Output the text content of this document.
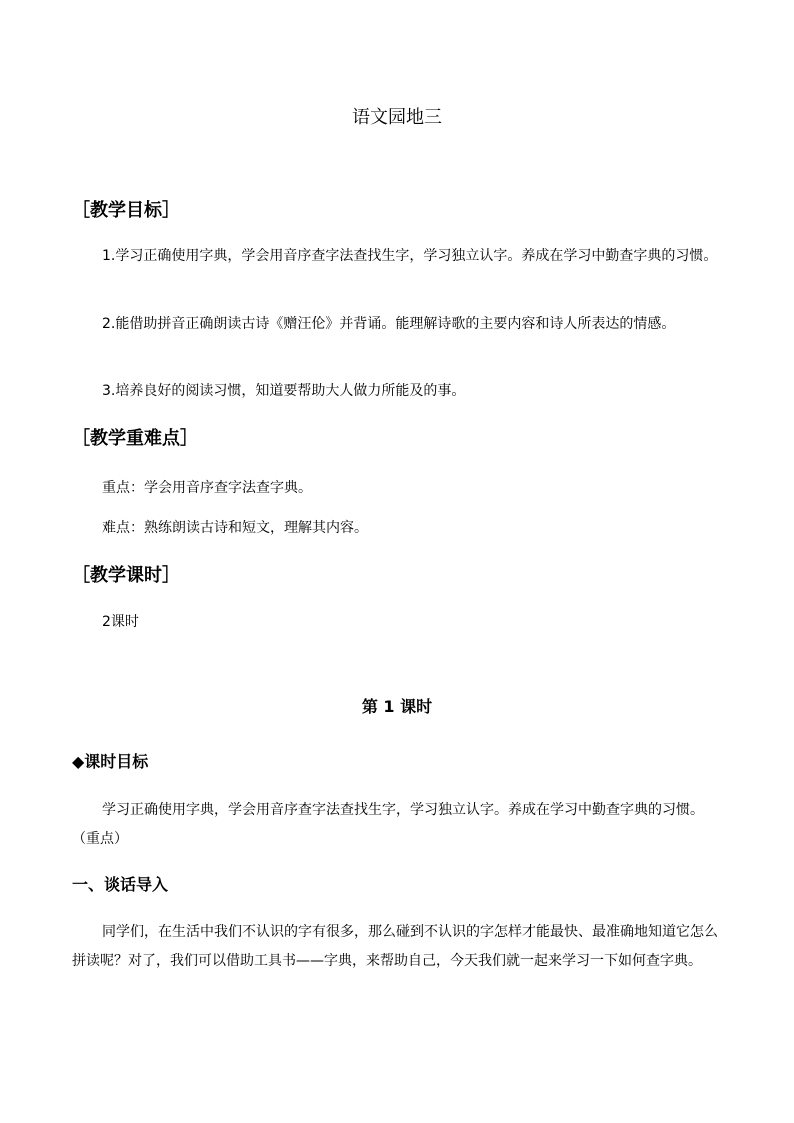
语文园地三
［教学目标］

1.学习正确使用字典，学会用音序查字法查找生字，学习独立认字。养成在学习中勤查字典的习惯。

2.能借助拼音正确朗读古诗《赠汪伦》并背诵。能理解诗歌的主要内容和诗人所表达的情感。

3.培养良好的阅读习惯，知道要帮助大人做力所能及的事。

［教学重难点］

重点：学会用音序查字法查字典。

难点：熟练朗读古诗和短文，理解其内容。

［教学课时］

2课时

第 1 课时
◆课时目标

学习正确使用字典，学会用音序查字法查找生字，学习独立认字。养成在学习中勤查字典的习惯。（重点）

一、谈话导入

同学们，在生活中我们不认识的字有很多，那么碰到不认识的字怎样才能最快、最准确地知道它怎么拼读呢？对了，我们可以借助工具书——字典，来帮助自己，今天我们就一起来学习一下如何查字典。
